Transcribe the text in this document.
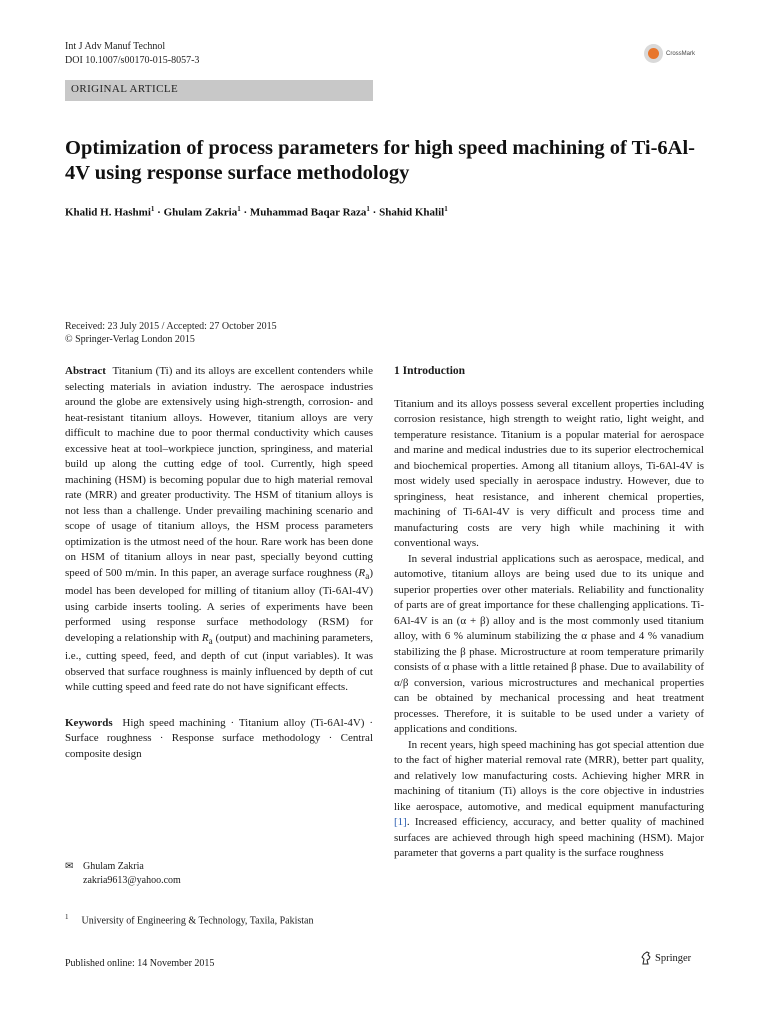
Int J Adv Manuf Technol
DOI 10.1007/s00170-015-8057-3
CrossMark
ORIGINAL ARTICLE
Optimization of process parameters for high speed machining of Ti-6Al-4V using response surface methodology
Khalid H. Hashmi$^1$ · Ghulam Zakria$^1$ · Muhammad Baqar Raza$^1$ · Shahid Khalil$^1$
Received: 23 July 2015 / Accepted: 27 October 2015
© Springer-Verlag London 2015

Abstract Titanium (Ti) and its alloys are excellent contenders while selecting materials in aviation industry. The aerospace industries around the globe are extensively using high-strength, corrosion- and heat-resistant titanium alloys. However, titanium alloys are very difficult to machine due to poor thermal conductivity which causes excessive heat at tool–workpiece junction, springiness, and material build up along the cutting edge of tool. Currently, high speed machining (HSM) is becoming popular due to high material removal rate (MRR) and greater productivity. The HSM of titanium alloys is not less than a challenge. Under prevailing machining scenario and scope of usage of titanium alloys, the HSM process parameters optimization is the utmost need of the hour. Rare work has been done on HSM of titanium alloys in near past, specially beyond cutting speed of 500 m/min. In this paper, an average surface roughness $(R_a)$ model has been developed for milling of titanium alloy (Ti-6Al-4V) using carbide inserts tooling. A series of experiments have been performed using response surface methodology (RSM) for developing a relationship with $R_a$ (output) and machining parameters, i.e., cutting speed, feed, and depth of cut (input variables). It was observed that surface roughness is mainly influenced by depth of cut while cutting speed and feed rate do not have significant effects.

Keywords High speed machining · Titanium alloy (Ti-6Al-4V) · Surface roughness · Response surface methodology · Central composite design

✉ Ghulam Zakria
zakria9613@yahoo.com
$^1$ University of Engineering & Technology, Taxila, Pakistan
1 Introduction

Titanium and its alloys possess several excellent properties including corrosion resistance, high strength to weight ratio, light weight, and temperature resistance. Titanium is a popular material for aerospace and marine and medical industries due to its superior electrochemical and biochemical properties. Among all titanium alloys, Ti-6Al-4V is most widely used specially in aerospace industry. However, due to springiness, heat resistance, and inherent chemical properties, machining of Ti-6Al-4V is very difficult and process time and manufacturing costs are very high while machining it with conventional ways.

In several industrial applications such as aerospace, medical, and automotive, titanium alloys are being used due to its unique and superior properties over other materials. Reliability and functionality of parts are of great importance for these challenging applications. Ti-6Al-4V is an (α + β) alloy and is the most commonly used titanium alloy, with 6 % aluminum stabilizing the α phase and 4 % vanadium stabilizing the β phase. Microstructure at room temperature primarily consists of α phase with a little retained β phase. Due to availability of α/β conversion, various microstructures and mechanical properties can be obtained by mechanical processing and heat treatment processes. Therefore, it is suitable to be used under a variety of applications and conditions.

In recent years, high speed machining has got special attention due to the fact of higher material removal rate (MRR), better part quality, and relatively low manufacturing costs. Achieving higher MRR in machining of titanium (Ti) alloys is the core objective in industries like aerospace, automotive, and medical equipment manufacturing [1]. Increased efficiency, accuracy, and better quality of machined surfaces are achieved through high speed machining (HSM). Major parameter that governs a part quality is the surface roughness

Published online: 14 November 2015	Springer
